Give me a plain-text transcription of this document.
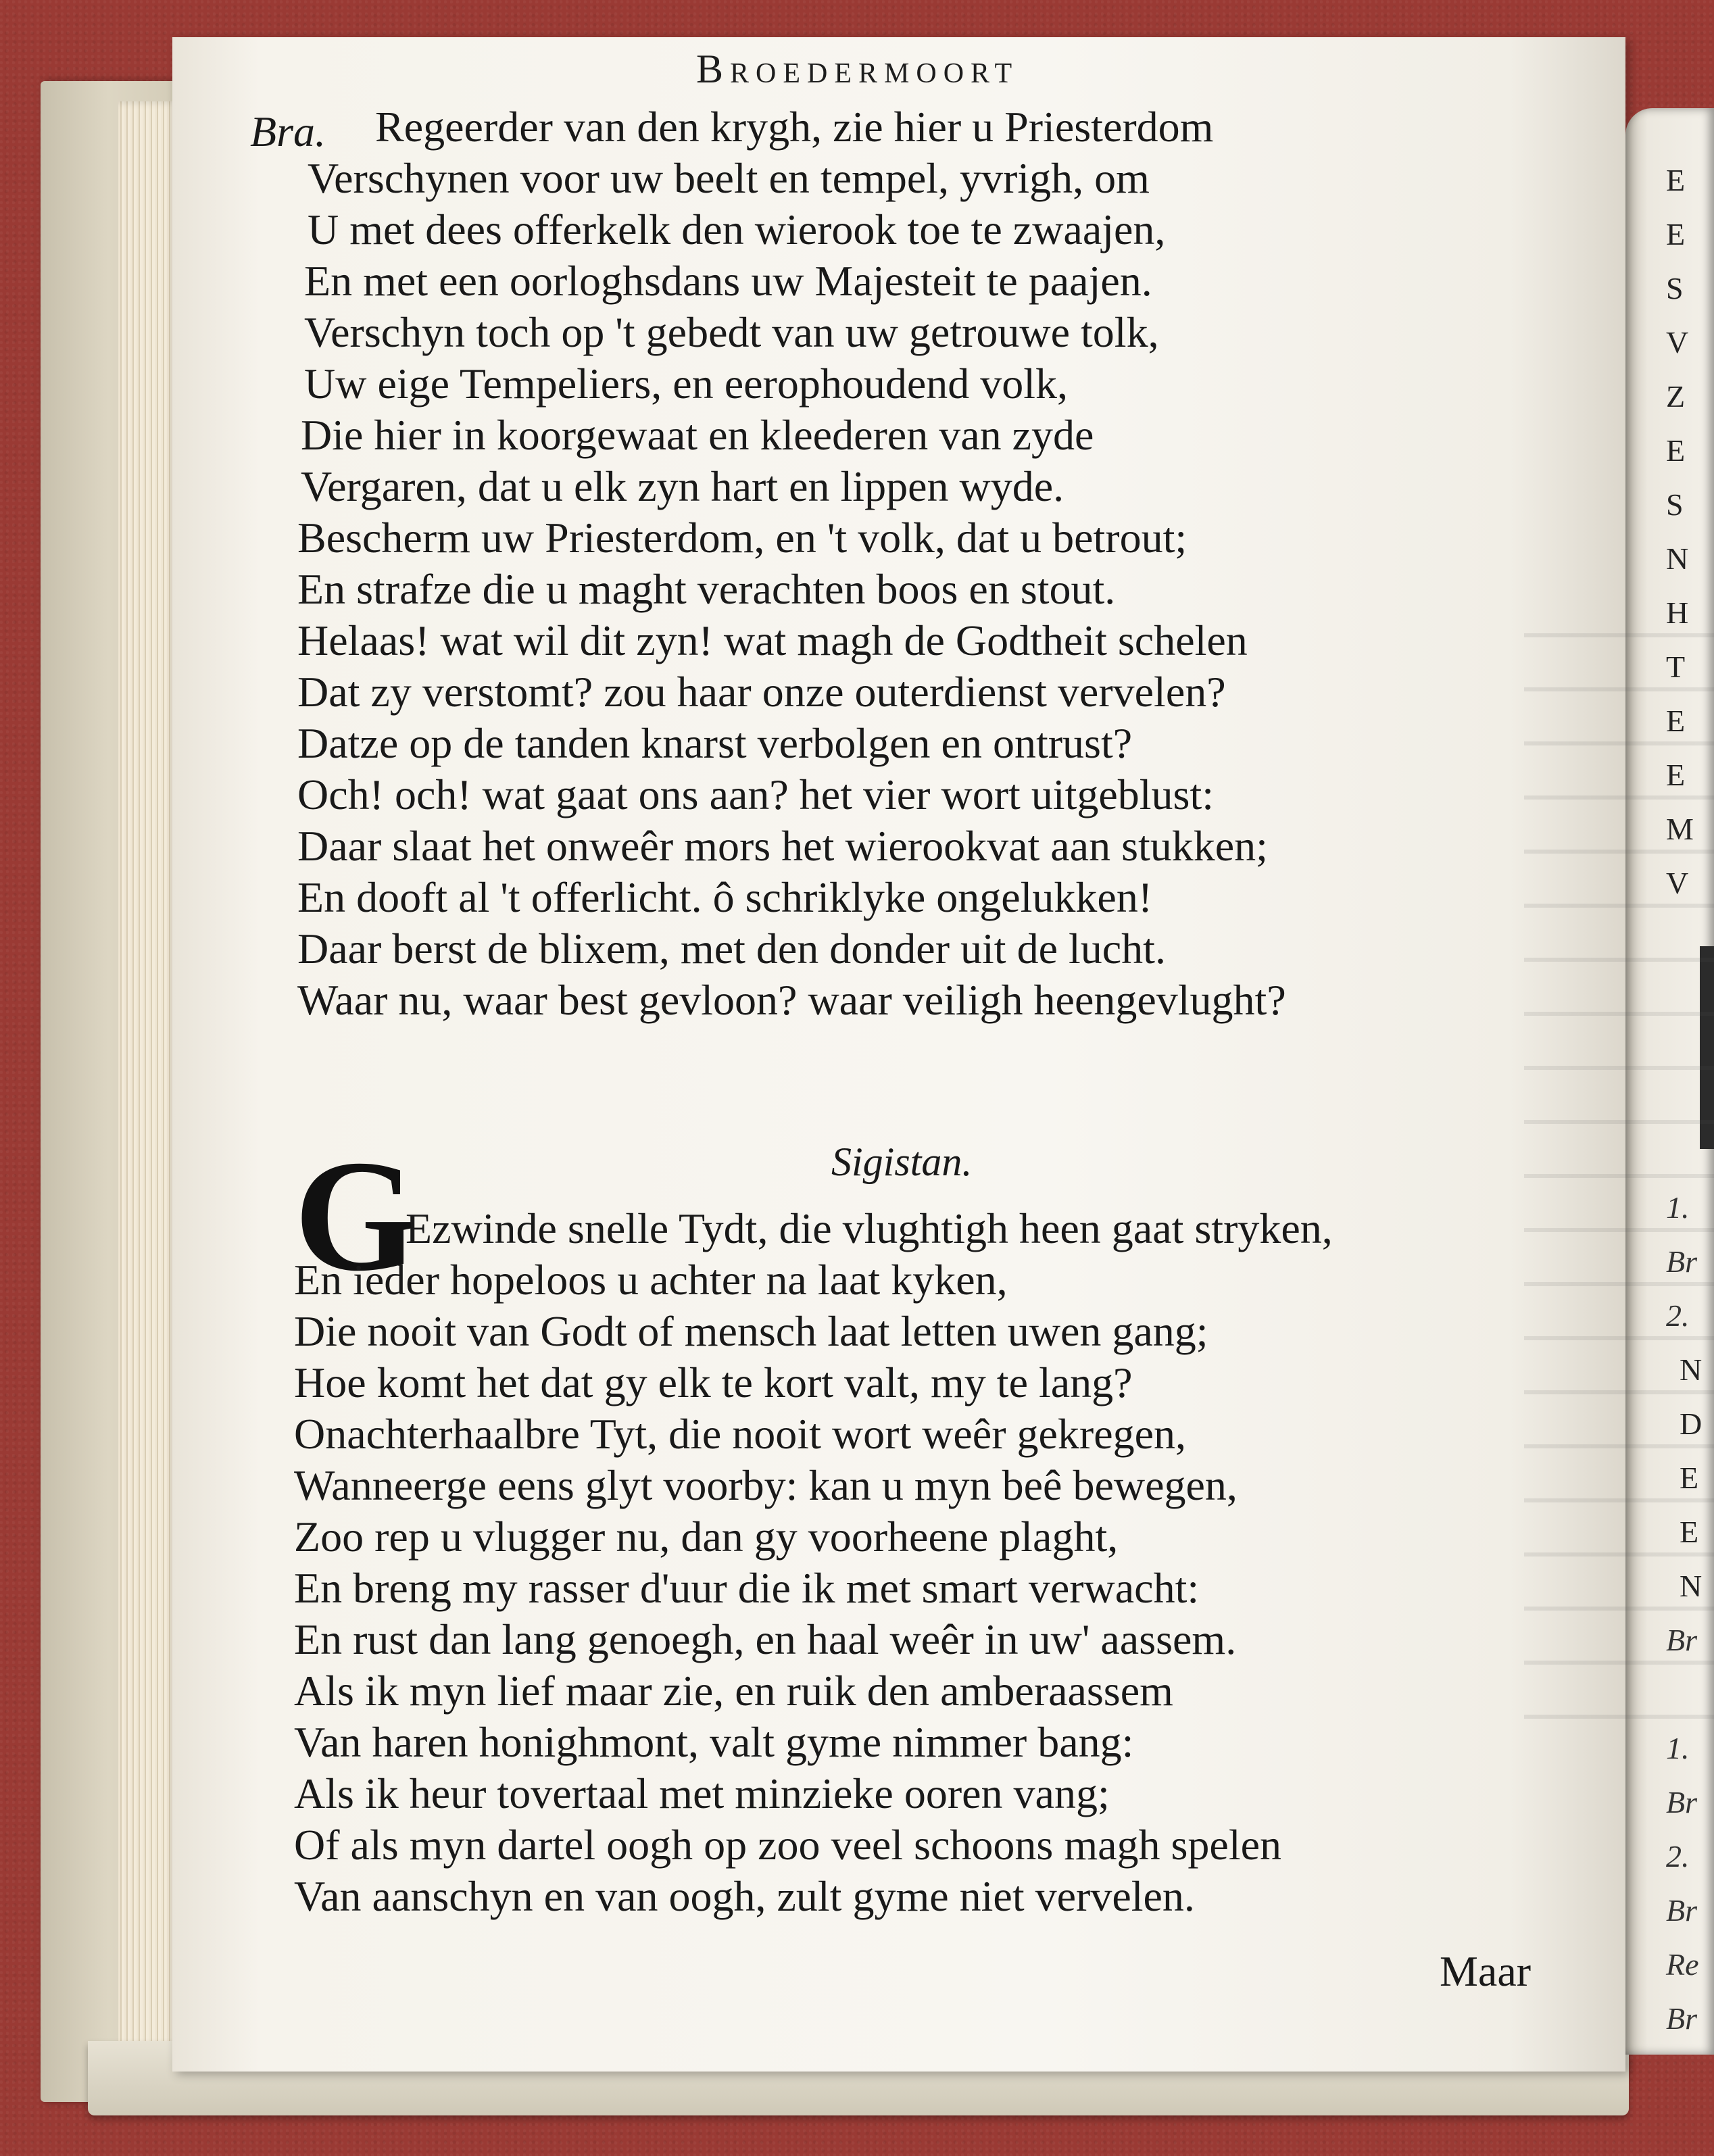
E
E
S
V
Z
E
S
N
H
T
E
E
M
V
1.
Br
2.
N
D
E
E
N
Br
1.
Br
2.
Br
Re
Br
Broedermoort
Bra. Regeerder van den krygh, zie hier u Priesterdom
Verschynen voor uw beelt en tempel, yvrigh, om
U met dees offerkelk den wierook toe te zwaajen,
En met een oorloghsdans uw Majesteit te paajen.
Verschyn toch op 't gebedt van uw getrouwe tolk,
Uw eige Tempeliers, en eerophoudend volk,
Die hier in koorgewaat en kleederen van zyde
Vergaren, dat u elk zyn hart en lippen wyde.
Bescherm uw Priesterdom, en 't volk, dat u betrout;
En strafze die u maght verachten boos en stout.
Helaas! wat wil dit zyn! wat magh de Godtheit schelen
Dat zy verstomt? zou haar onze outerdienst vervelen?
Datze op de tanden knarst verbolgen en ontrust?
Och! och! wat gaat ons aan? het vier wort uitgeblust:
Daar slaat het onweêr mors het wierookvat aan stukken;
En dooft al 't offerlicht. ô schriklyke ongelukken!
Daar berst de blixem, met den donder uit de lucht.
Waar nu, waar best gevloon? waar veiligh heengevlught?
Sigistan.
G
Ezwinde snelle Tydt, die vlughtigh heen gaat stryken,
En ieder hopeloos u achter na laat kyken,
Die nooit van Godt of mensch laat letten uwen gang;
Hoe komt het dat gy elk te kort valt, my te lang?
Onachterhaalbre Tyt, die nooit wort weêr gekregen,
Wanneerge eens glyt voorby: kan u myn beê bewegen,
Zoo rep u vlugger nu, dan gy voorheene plaght,
En breng my rasser d'uur die ik met smart verwacht:
En rust dan lang genoegh, en haal weêr in uw' aassem.
Als ik myn lief maar zie, en ruik den amberaassem
Van haren honighmont, valt gyme nimmer bang:
Als ik heur tovertaal met minzieke ooren vang;
Of als myn dartel oogh op zoo veel schoons magh spelen
Van aanschyn en van oogh, zult gyme niet vervelen.
Maar
